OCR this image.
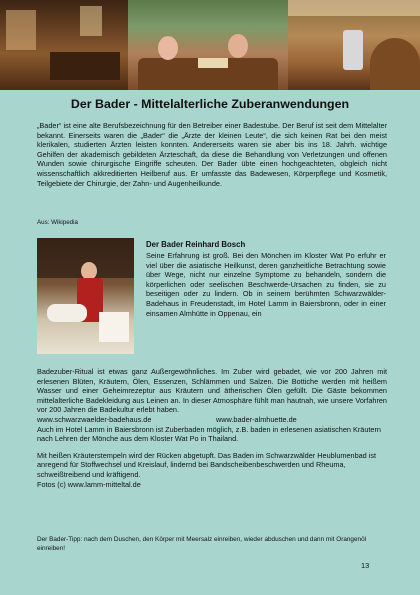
Der Bader - Mittelalterliche Zuberanwendungen
„Bader“ ist eine alte Berufsbezeichnung für den Betreiber einer Badestube. Der Beruf ist seit dem Mittelalter bekannt. Einerseits waren die „Bader“ die „Ärzte der kleinen Leute“, die sich keinen Rat bei den meist klerikalen, studierten Ärzten leisten konnten. Andererseits waren sie aber bis ins 18. Jahrh. wichtige Gehilfen der akademisch gebildeten Ärzteschaft, da diese die Behandlung von Verletzungen und offenen Wunden sowie chirurgische Eingriffe scheuten. Der Bader übte einen hochgeachteten, obgleich nicht wissenschaftlich akkreditierten Heilberuf aus. Er umfasste das Badewesen, Körperpflege und Kosmetik, Teilgebiete der Chirurgie, der Zahn- und Augenheilkunde.
Aus: Wikipedia
Der Bader Reinhard Bosch
Seine Erfahrung ist groß. Bei den Mönchen im Kloster Wat Po erfuhr er viel über die asiatische Heilkunst, deren ganzheitliche Betrachtung sowie über Wege, nicht nur einzelne Symptome zu behandeln, sondern die körperlichen oder seelischen Beschwerde-Ursachen zu finden, sie zu beseitigen oder zu lindern. Ob in seinem berühmten Schwarzwälder-Badehaus in Freudenstadt, im Hotel Lamm in Baiersbronn, oder in einer einsamen Almhütte in Oppenau, ein

Badezuber-Ritual ist etwas ganz Außergewöhnliches. Im Zuber wird gebadet, wie vor 200 Jahren mit erlesenen Blüten, Kräutern, Ölen, Essenzen, Schlämmen und Salzen. Die Bottiche werden mit heißem Wasser und einer Geheimrezeptur aus Kräutern und ätherischen Ölen gefüllt. Die Gäste bekommen mittelalterliche Badekleidung aus Leinen an. In dieser Atmosphäre fühlt man hautnah, wie unsere Vorfahren vor 200 Jahren die Badekultur erlebt haben.

www.schwarzwaelder-badehaus.de	www.bader-almhuette.de

Auch im Hotel Lamm in Baiersbronn ist Zuberbaden möglich, z.B. baden in erlesenen asiatischen Kräutern nach Lehren der Mönche aus dem Kloster Wat Po in Thailand.

Mit heißen Kräuterstempeln wird der Rücken abgetupft. Das Baden im Schwarzwälder Heublumenbad ist anregend für Stoffwechsel und Kreislauf, lindernd bei Bandscheibenbeschwerden und Rheuma, schweißtreibend und kräftigend.

Fotos (c) www.lamm-mitteltal.de

Der Bader-Tipp: nach dem Duschen, den Körper mit Meersalz einreiben, wieder abduschen und dann mit Orangenöl einreiben!
13
